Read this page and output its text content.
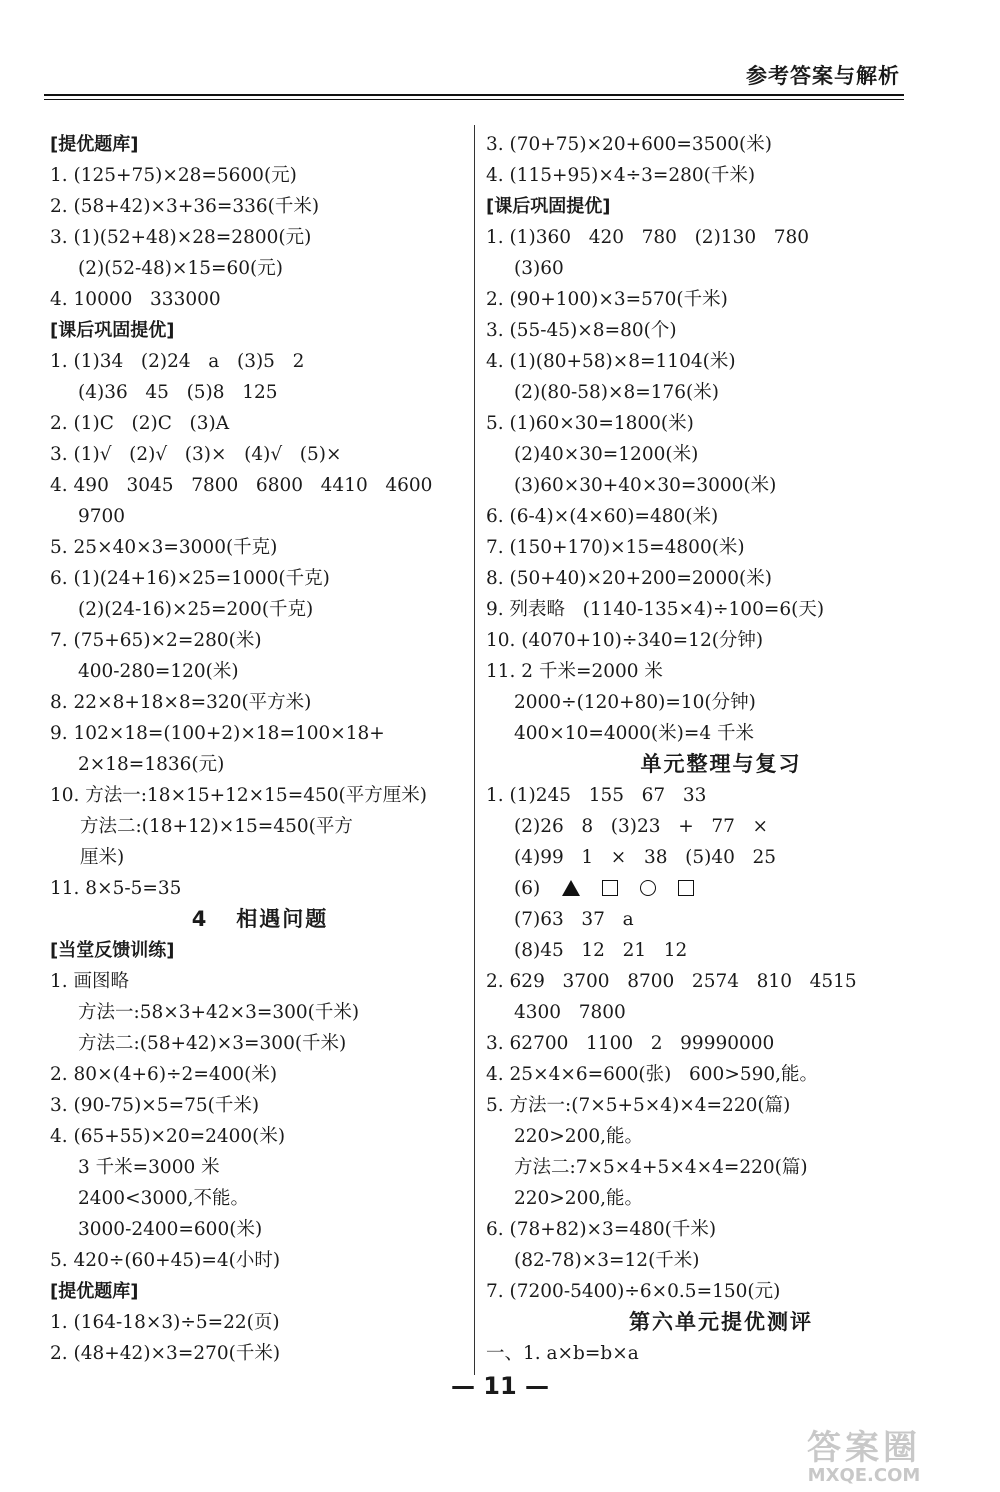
参考答案与解析
[提优题库]
1. (125+75)×28=5600(元)
2. (58+42)×3+36=336(千米)
3. (1)(52+48)×28=2800(元)
(2)(52-48)×15=60(元)
4. 10000   333000
[课后巩固提优]
1. (1)34   (2)24   a   (3)5   2
(4)36   45   (5)8   125
2. (1)C   (2)C   (3)A
3. (1)√   (2)√   (3)×   (4)√   (5)×
4. 490   3045   7800   6800   4410   4600
9700
5. 25×40×3=3000(千克)
6. (1)(24+16)×25=1000(千克)
(2)(24-16)×25=200(千克)
7. (75+65)×2=280(米)
400-280=120(米)
8. 22×8+18×8=320(平方米)
9. 102×18=(100+2)×18=100×18+
2×18=1836(元)
10. 方法一:18×15+12×15=450(平方厘米)
方法二:(18+12)×15=450(平方
厘米)
11. 8×5-5=35
4   相遇问题
[当堂反馈训练]
1. 画图略
方法一:58×3+42×3=300(千米)
方法二:(58+42)×3=300(千米)
2. 80×(4+6)÷2=400(米)
3. (90-75)×5=75(千米)
4. (65+55)×20=2400(米)
3 千米=3000 米
2400<3000,不能。
3000-2400=600(米)
5. 420÷(60+45)=4(小时)
[提优题库]
1. (164-18×3)÷5=22(页)
2. (48+42)×3=270(千米)
3. (70+75)×20+600=3500(米)
4. (115+95)×4÷3=280(千米)
[课后巩固提优]
1. (1)360   420   780   (2)130   780
(3)60
2. (90+100)×3=570(千米)
3. (55-45)×8=80(个)
4. (1)(80+58)×8=1104(米)
(2)(80-58)×8=176(米)
5. (1)60×30=1800(米)
(2)40×30=1200(米)
(3)60×30+40×30=3000(米)
6. (6-4)×(4×60)=480(米)
7. (150+170)×15=4800(米)
8. (50+40)×20+200=2000(米)
9. 列表略   (1140-135×4)÷100=6(天)
10. (4070+10)÷340=12(分钟)
11. 2 千米=2000 米
2000÷(120+80)=10(分钟)
400×10=4000(米)=4 千米
单元整理与复习
1. (1)245   155   67   33
(2)26   8   (3)23   +   77   ×
(4)99   1   ×   38   (5)40   25
(6)
(7)63   37   a
(8)45   12   21   12
2. 629   3700   8700   2574   810   4515
4300   7800
3. 62700   1100   2   99990000
4. 25×4×6=600(张)   600>590,能。
5. 方法一:(7×5+5×4)×4=220(篇)
220>200,能。
方法二:7×5×4+5×4×4=220(篇)
220>200,能。
6. (78+82)×3=480(千米)
(82-78)×3=12(千米)
7. (7200-5400)÷6×0.5=150(元)
第六单元提优测评
一、1. a×b=b×a
— 11 —
答案圈
MXQE.COM
